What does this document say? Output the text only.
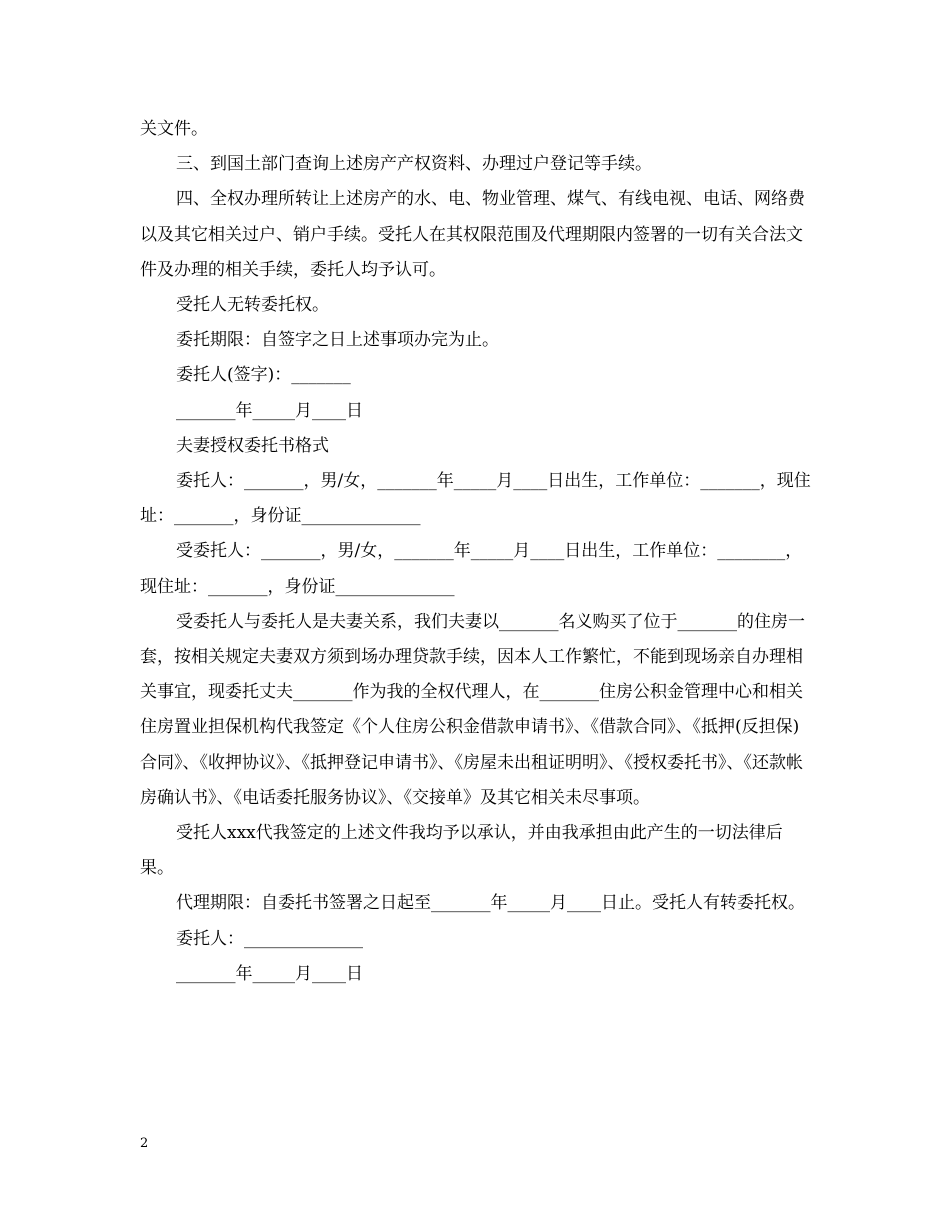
关文件。

三、到国土部门查询上述房产产权资料、办理过户登记等手续。

四、全权办理所转让上述房产的水、电、物业管理、煤气、有线电视、电话、网络费以及其它相关过户、销户手续。受托人在其权限范围及代理期限内签署的一切有关合法文件及办理的相关手续，委托人均予认可。

受托人无转委托权。

委托期限：自签字之日上述事项办完为止。

委托人(签字)：_______

_______年_____月____日

夫妻授权委托书格式

委托人：_______，男/女，_______年_____月____日出生，工作单位：_______，现住址：_______，身份证______________

受委托人：_______，男/女，_______年_____月____日出生，工作单位：________，现住址：_______，身份证______________

受委托人与委托人是夫妻关系，我们夫妻以_______名义购买了位于_______的住房一套，按相关规定夫妻双方须到场办理贷款手续，因本人工作繁忙，不能到现场亲自办理相关事宜，现委托丈夫_______作为我的全权代理人，在_______住房公积金管理中心和相关住房置业担保机构代我签定《个人住房公积金借款申请书》、《借款合同》、《抵押(反担保)合同》、《收押协议》、《抵押登记申请书》、《房屋未出租证明明》、《授权委托书》、《还款帐房确认书》、《电话委托服务协议》、《交接单》及其它相关未尽事项。

受托人xxx代我签定的上述文件我均予以承认，并由我承担由此产生的一切法律后果。

代理期限：自委托书签署之日起至_______年_____月____日止。受托人有转委托权。

委托人：______________

_______年_____月____日

2
